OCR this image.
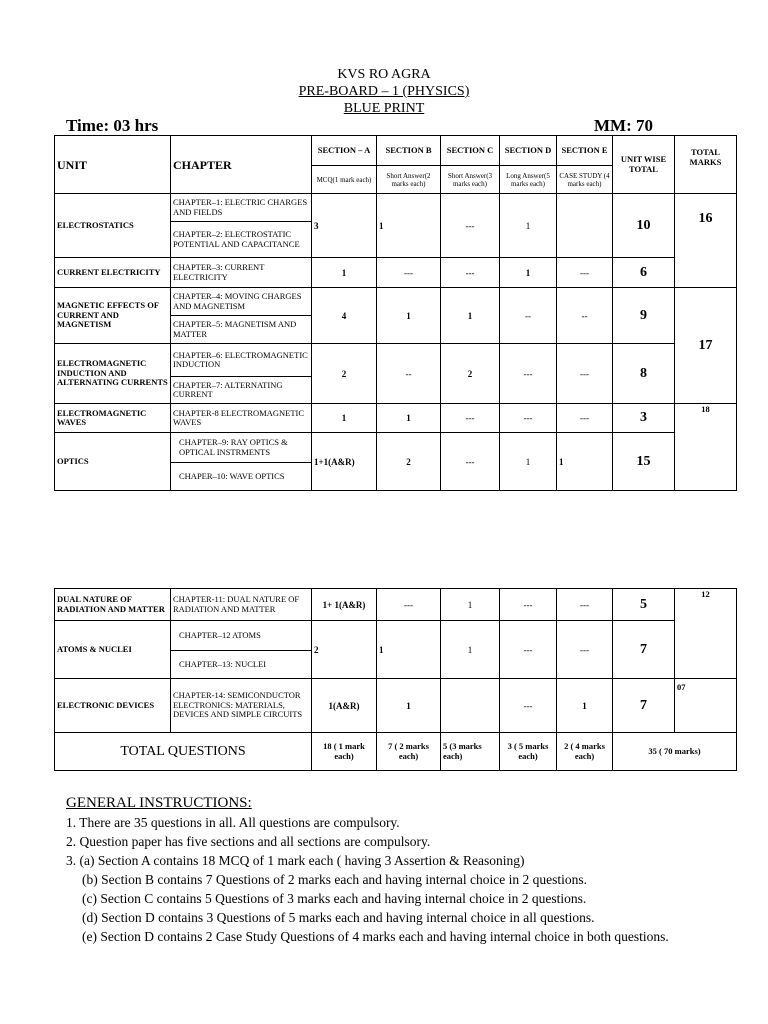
KVS RO AGRA
PRE-BOARD – 1 (PHYSICS)
BLUE PRINT
Time: 03 hrs	MM: 70
UNIT	CHAPTER	SECTION – A	SECTION B	SECTION C	SECTION D	SECTION E	UNIT WISE TOTAL	TOTAL MARKS
		MCQ(1 mark each)	Short Answer(2 marks each)	Short Answer(3 marks each)	Long Answer(5 marks each)	CASE STUDY (4 marks each)		
ELECTROSTATICS	CHAPTER–1: ELECTRIC CHARGES AND FIELDS	3	1	---	1		10	16
	CHAPTER–2: ELECTROSTATIC POTENTIAL AND CAPACITANCE							
CURRENT ELECTRICITY	CHAPTER–3: CURRENT ELECTRICITY	1	---	---	1	---	6	
MAGNETIC EFFECTS OF CURRENT AND MAGNETISM	CHAPTER–4: MOVING CHARGES AND MAGNETISM	4	1	1	--	--	9	17
	CHAPTER–5: MAGNETISM AND MATTER							
ELECTROMAGNETIC INDUCTION AND ALTERNATING CURRENTS	CHAPTER–6: ELECTROMAGNETIC INDUCTION	2	--	2	---	---	8	
	CHAPTER–7: ALTERNATING CURRENT							
ELECTROMAGNETIC WAVES	CHAPTER-8 ELECTROMAGNETIC WAVES	1	1	---	---	---	3	18
OPTICS	CHAPTER–9: RAY OPTICS & OPTICAL INSTRMENTS	1+1(A&R)	2	---	1	1	15	
	CHAPER–10: WAVE OPTICS							
DUAL NATURE OF RADIATION AND MATTER	CHAPTER-11: DUAL NATURE OF RADIATION AND MATTER	1+ 1(A&R)	---	1	---	---	5	12
ATOMS & NUCLEI	CHAPTER–12 ATOMS	2	1	1	---	---	7	
	CHAPTER–13: NUCLEI							
ELECTRONIC DEVICES	CHAPTER-14: SEMICONDUCTOR ELECTRONICS: MATERIALS, DEVICES AND SIMPLE CIRCUITS	1(A&R)	1		---	1	7	07
TOTAL QUESTIONS		18 ( 1 mark each)	7 ( 2 marks each)	5 (3 marks each)	3 ( 5 marks each)	2 ( 4 marks each)	35 ( 70 marks)	
GENERAL INSTRUCTIONS:
1. There are 35 questions in all. All questions are compulsory.
2. Question paper has five sections and all sections are compulsory.
3. (a) Section A contains 18 MCQ of 1 mark each ( having 3 Assertion & Reasoning)
(b) Section B contains 7 Questions of 2 marks each and having internal choice in 2 questions.
(c) Section C contains 5 Questions of 3 marks each and having internal choice in 2 questions.
(d) Section D contains 3 Questions of 5 marks each and having internal choice in all questions.
(e) Section D contains 2 Case Study Questions of 4 marks each and having internal choice in both questions.
